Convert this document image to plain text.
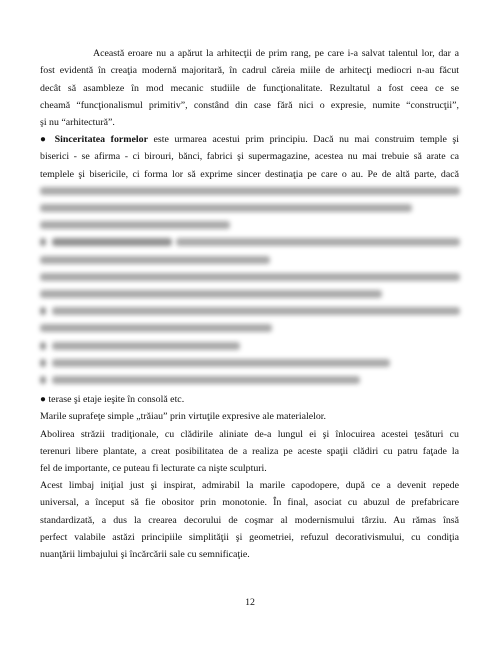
Această eroare nu a apărut la arhitecţii de prim rang, pe care i-a salvat talentul lor, dar a
fost evidentă în creaţia modernă majoritară, în cadrul căreia miile de arhitecţi mediocri n-au făcut
decât să asambleze în mod mecanic studiile de funcţionalitate. Rezultatul a fost ceea ce se
cheamă “funcţionalismul primitiv”, constând din case fără nici o expresie, numite “construcţii”,
şi nu “arhitectură”.
● Sinceritatea formelor este urmarea acestui prim principiu. Dacă nu mai construim temple şi
biserici - se afirma - ci birouri, bănci, fabrici şi supermagazine, acestea nu mai trebuie să arate ca
templele şi bisericile, ci forma lor să exprime sincer destinaţia pe care o au. Pe de altă parte, dacă
● terase şi etaje ieşite în consolă etc.
Marile suprafeţe simple „trăiau” prin virtuţile expresive ale materialelor.
Abolirea străzii tradiţionale, cu clădirile aliniate de-a lungul ei şi înlocuirea acestei ţesături cu
terenuri libere plantate, a creat posibilitatea de a realiza pe aceste spaţii clădiri cu patru faţade la
fel de importante, ce puteau fi lecturate ca nişte sculpturi.
Acest limbaj iniţial just şi inspirat, admirabil la marile capodopere, după ce a devenit repede
universal, a început să fie obositor prin monotonie. În final, asociat cu abuzul de prefabricare
standardizată, a dus la crearea decorului de coşmar al modernismului târziu. Au rămas însă
perfect valabile astăzi principiile simplităţii şi geometriei, refuzul decorativismului, cu condiţia
nuanţării limbajului şi încărcării sale cu semnificaţie.
12
